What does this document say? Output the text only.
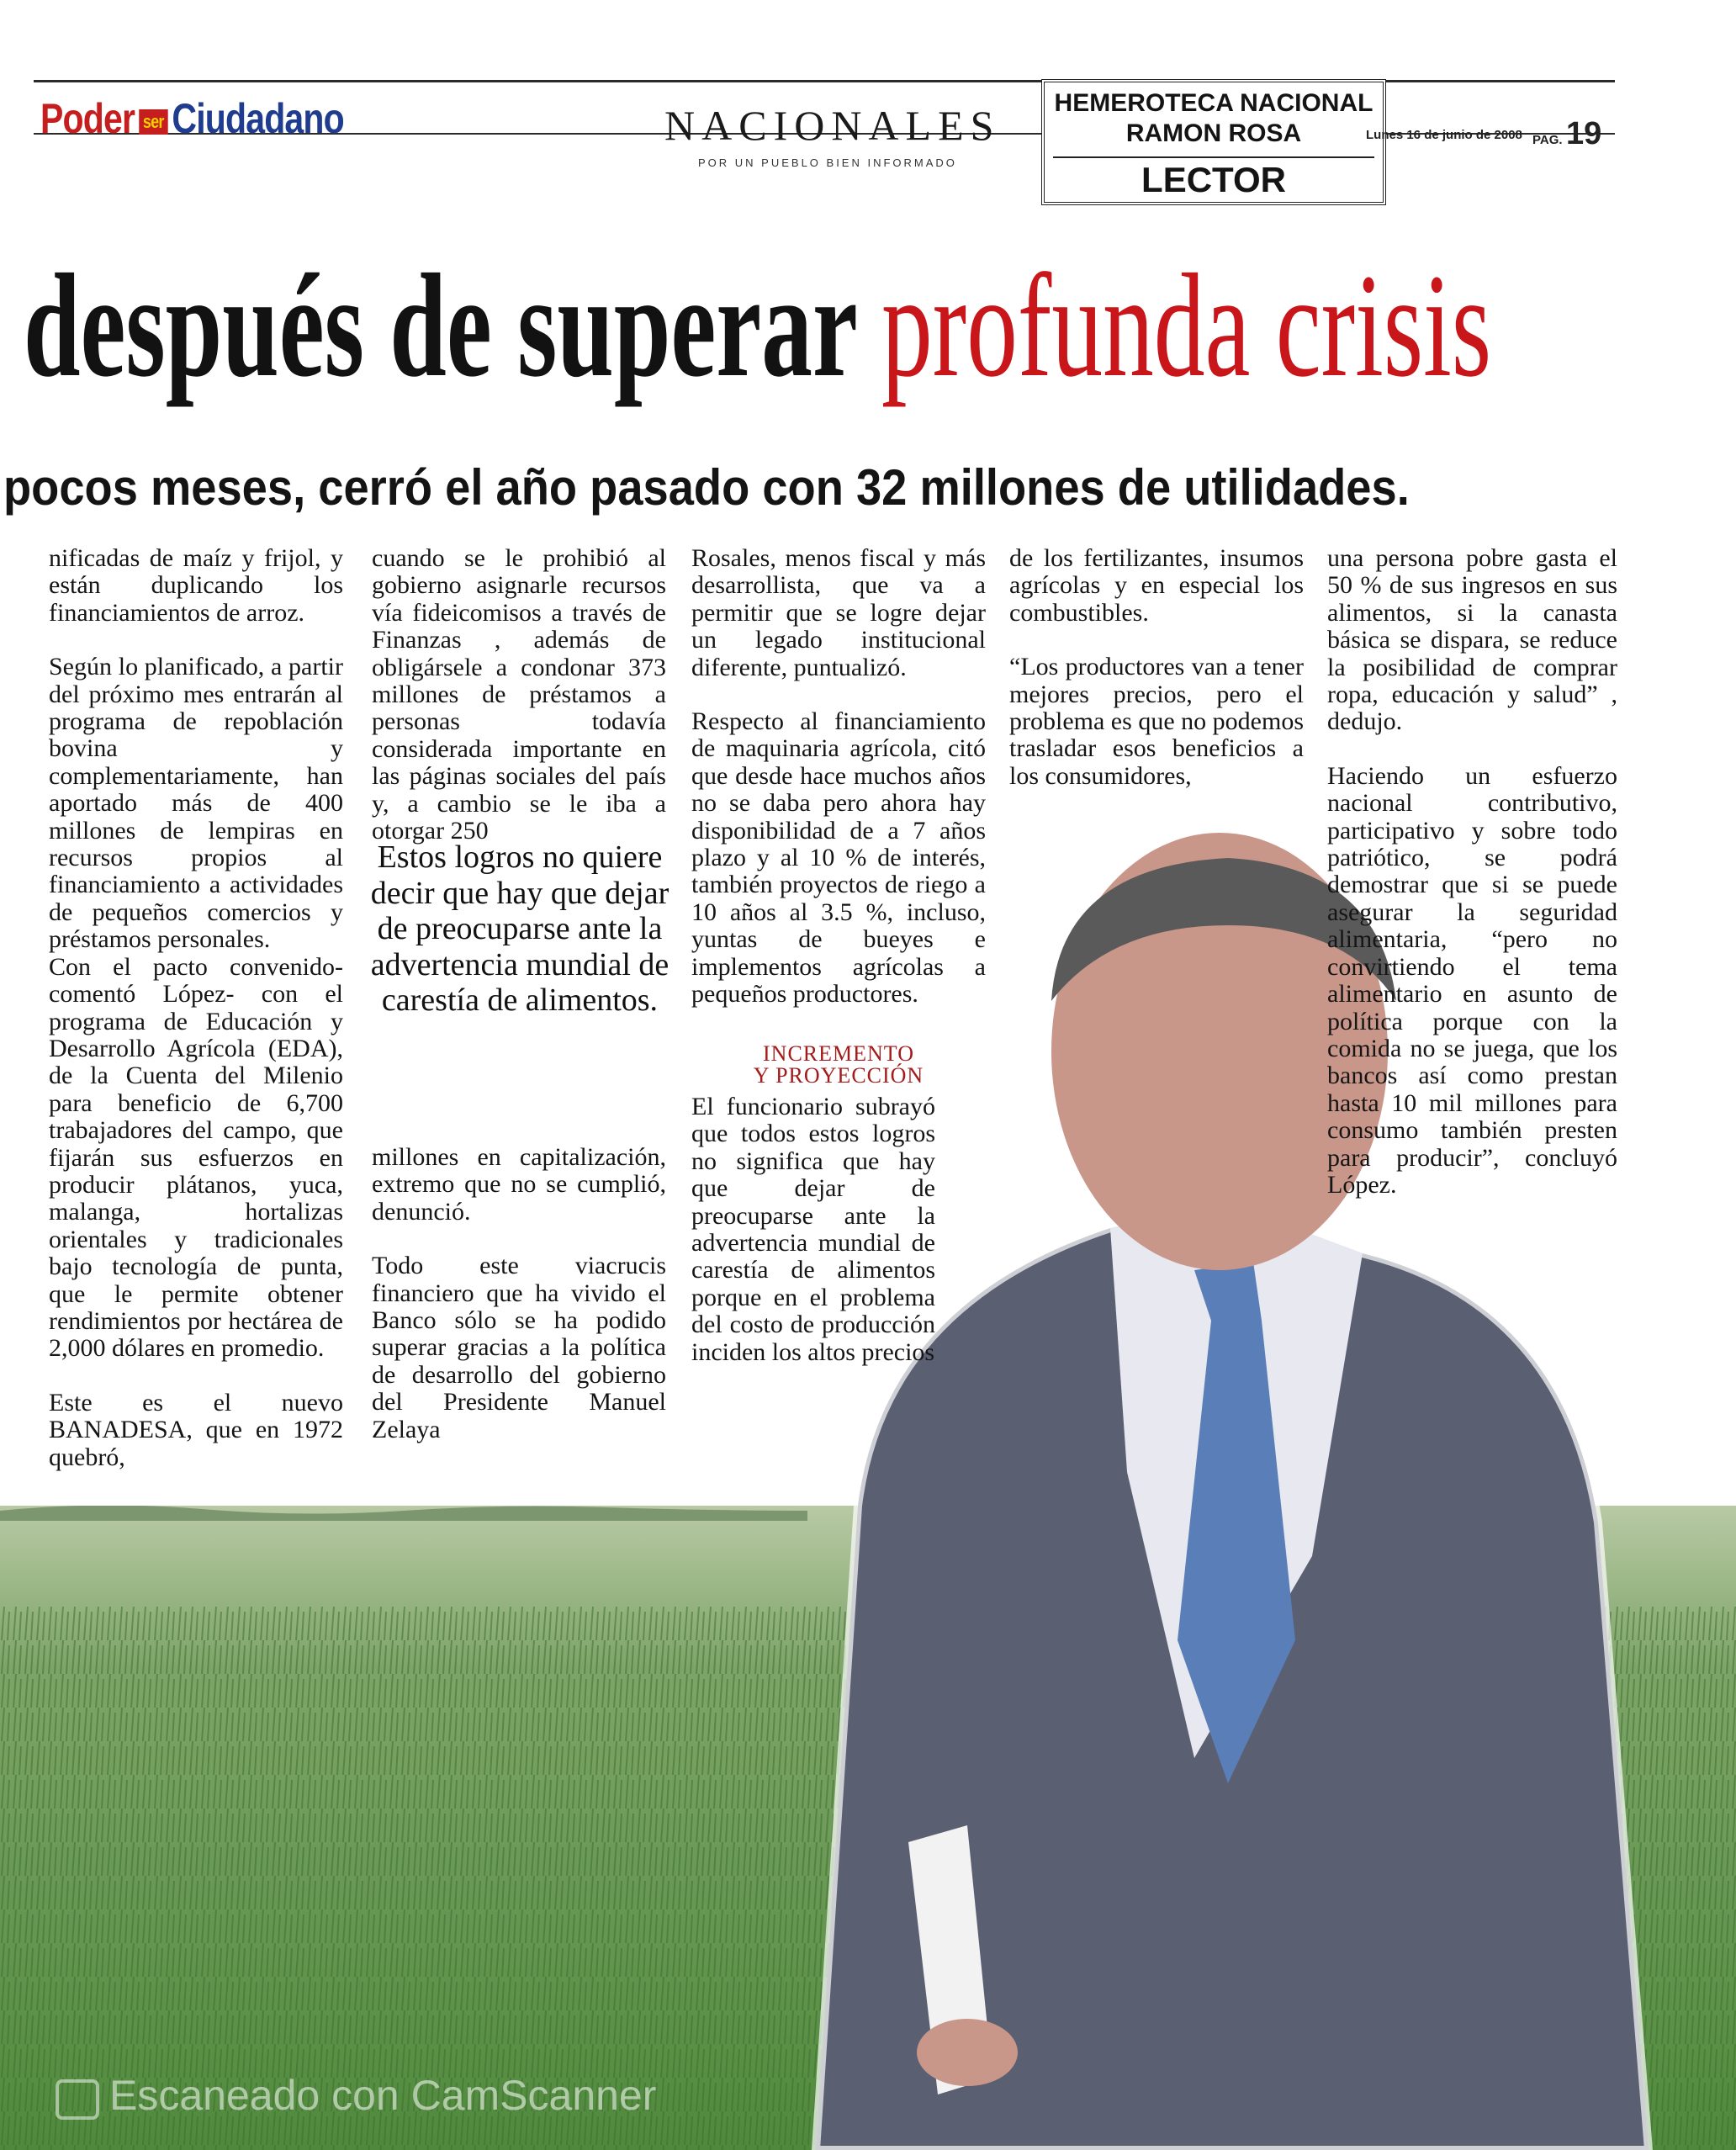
Poder ser Ciudadano	NACIONALES
POR UN PUEBLO BIEN INFORMADO
HEMEROTECA NACIONAL
RAMON ROSA
LECTOR
Lunes 16 de junio de 2008 PAG. 19
después de superar profunda crisis
pocos meses, cerró el año pasado con 32 millones de utilidades.

nificadas de maíz y frijol, y están duplicando los financiamientos de arroz.

Según lo planificado, a partir del próximo mes entrarán al programa de repoblación bovina y complementariamente, han aportado más de 400 millones de lempiras en recursos propios al financiamiento a actividades de pequeños comercios y préstamos personales.

Con el pacto convenido- comentó López- con el programa de Educación y Desarrollo Agrícola (EDA), de la Cuenta del Milenio para beneficio de 6,700 trabajadores del campo, que fijarán sus esfuerzos en producir plátanos, yuca, malanga, hortalizas orientales y tradicionales bajo tecnología de punta, que le permite obtener rendimientos por hectárea de 2,000 dólares en promedio.

Este es el nuevo BANADESA, que en 1972 quebró,

cuando se le prohibió al gobierno asignarle recursos vía fideicomisos a través de Finanzas , además de obligársele a condonar 373 millones de préstamos a personas todavía considerada importante en las páginas sociales del país y, a cambio se le iba a otorgar 250

Estos logros no quiere decir que hay que dejar de preocuparse ante la advertencia mundial de carestía de alimentos.

millones en capitalización, extremo que no se cumplió, denunció.

Todo este viacrucis financiero que ha vivido el Banco sólo se ha podido superar gracias a la política de desarrollo del gobierno del Presidente Manuel Zelaya

Rosales, menos fiscal y más desarrollista, que va a permitir que se logre dejar un legado institucional diferente, puntualizó.

Respecto al financiamiento de maquinaria agrícola, citó que desde hace muchos años no se daba pero ahora hay disponibilidad de a 7 años plazo y al 10 % de interés, también proyectos de riego a 10 años al 3.5 %, incluso, yuntas de bueyes e implementos agrícolas a pequeños productores.

INCREMENTO
Y PROYECCIÓN

El funcionario subrayó que todos estos logros no significa que hay que dejar de preocuparse ante la advertencia mundial de carestía de alimentos porque en el problema del costo de producción inciden los altos precios

de los fertilizantes, insumos agrícolas y en especial los combustibles.

“Los productores van a tener mejores precios, pero el problema es que no podemos trasladar esos beneficios a los consumidores,

una persona pobre gasta el 50 % de sus ingresos en sus alimentos, si la canasta básica se dispara, se reduce la posibilidad de comprar ropa, educación y salud” , dedujo.

Haciendo un esfuerzo nacional contributivo, participativo y sobre todo patriótico, se podrá demostrar que si se puede asegurar la seguridad alimentaria, “pero no convirtiendo el tema alimentario en asunto de política porque con la comida no se juega, que los bancos así como prestan hasta 10 mil millones para consumo también presten para producir”, concluyó López.

Escaneado con CamScanner
